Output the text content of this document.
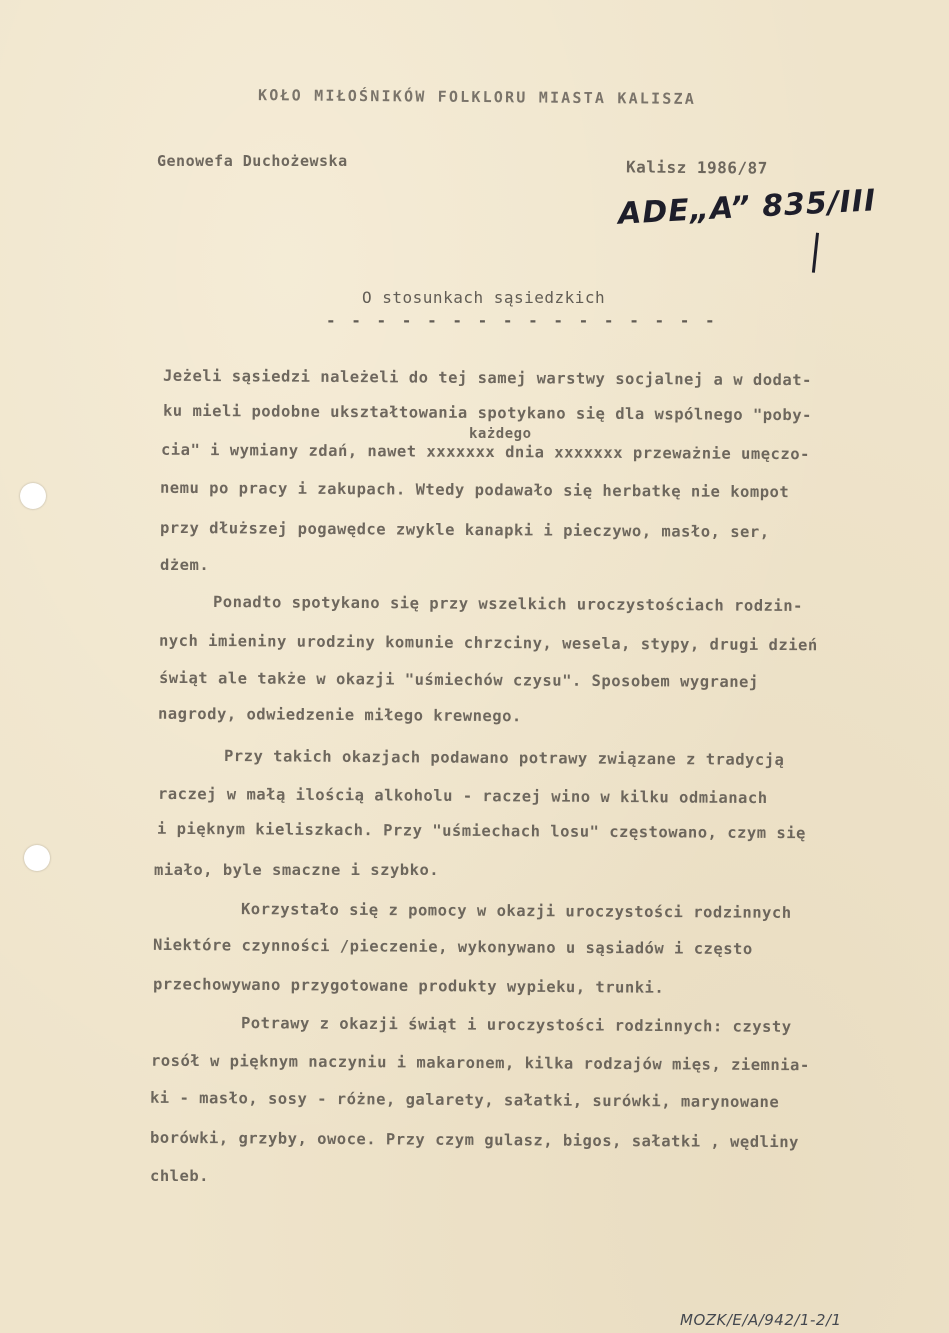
KOŁO MIŁOŚNIKÓW FOLKLORU MIASTA KALISZA
Genowefa Duchożewska	Kalisz 1986/87
ADE„A” 835/III
O stosunkach sąsiedzkich
- - - - - - - - - - - - - - - -
Jeżeli sąsiedzi należeli do tej samej warstwy socjalnej a w dodat-
ku mieli podobne ukształtowania spotykano się dla wspólnego "poby-
każdego
cia" i wymiany zdań, nawet xxxxxxx dnia xxxxxxx przeważnie umęczo-
nemu po pracy i zakupach. Wtedy podawało się herbatkę nie kompot
przy dłuższej pogawędce zwykle kanapki i pieczywo, masło, ser,
dżem.
Ponadto spotykano się przy wszelkich uroczystościach rodzin-
nych imieniny urodziny komunie chrzciny, wesela, stypy, drugi dzień
świąt ale także w okazji "uśmiechów czysu". Sposobem wygranej
nagrody, odwiedzenie miłego krewnego.
Przy takich okazjach podawano potrawy związane z tradycją
raczej w małą ilością alkoholu - raczej wino w kilku odmianach
i pięknym kieliszkach. Przy "uśmiechach losu" częstowano, czym się
miało, byle smaczne i szybko.
Korzystało się z pomocy w okazji uroczystości rodzinnych
Niektóre czynności /pieczenie, wykonywano u sąsiadów i często
przechowywano przygotowane produkty wypieku, trunki.
Potrawy z okazji świąt i uroczystości rodzinnych: czysty
rosół w pięknym naczyniu i makaronem, kilka rodzajów mięs, ziemnia-
ki - masło, sosy - różne, galarety, sałatki, surówki, marynowane
borówki, grzyby, owoce. Przy czym gulasz, bigos, sałatki , wędliny
chleb.
MOZK/E/A/942/1-2/1
